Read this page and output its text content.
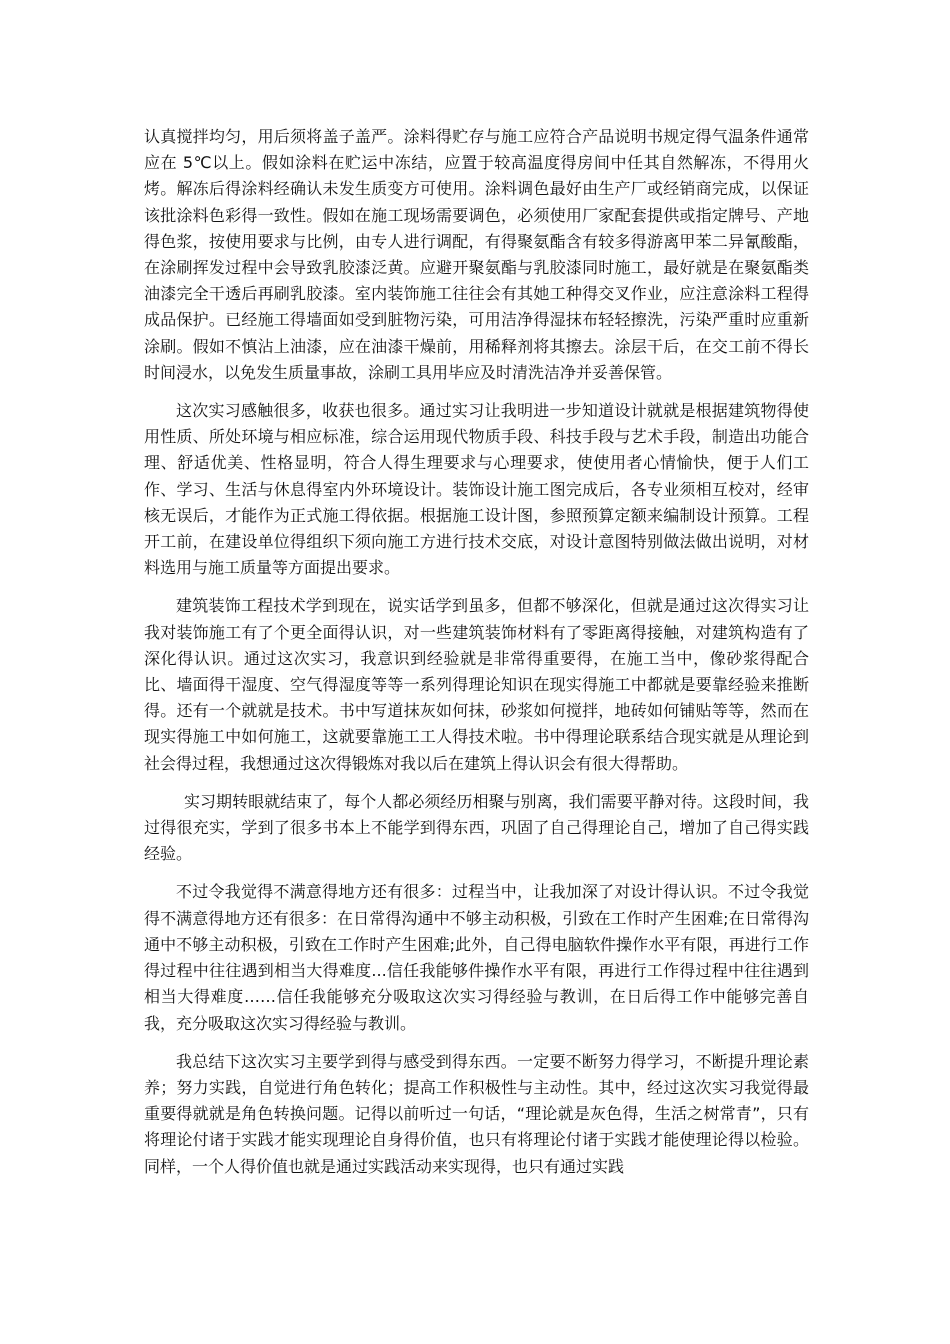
认真搅拌均匀，用后须将盖子盖严。涂料得贮存与施工应符合产品说明书规定得气温条件通常应在 5℃以上。假如涂料在贮运中冻结，应置于较高温度得房间中任其自然解冻，不得用火烤。解冻后得涂料经确认未发生质变方可使用。涂料调色最好由生产厂或经销商完成，以保证该批涂料色彩得一致性。假如在施工现场需要调色，必须使用厂家配套提供或指定牌号、产地得色浆，按使用要求与比例，由专人进行调配，有得聚氨酯含有较多得游离甲苯二异氰酸酯，在涂刷挥发过程中会导致乳胶漆泛黄。应避开聚氨酯与乳胶漆同时施工，最好就是在聚氨酯类油漆完全干透后再刷乳胶漆。室内装饰施工往往会有其她工种得交叉作业，应注意涂料工程得成品保护。已经施工得墙面如受到脏物污染，可用洁净得湿抹布轻轻擦洗，污染严重时应重新涂刷。假如不慎沾上油漆，应在油漆干燥前，用稀释剂将其擦去。涂层干后，在交工前不得长时间浸水，以免发生质量事故，涂刷工具用毕应及时清洗洁净并妥善保管。

这次实习感触很多，收获也很多。通过实习让我明进一步知道设计就就是根据建筑物得使用性质、所处环境与相应标准，综合运用现代物质手段、科技手段与艺术手段，制造出功能合理、舒适优美、性格显明，符合人得生理要求与心理要求，使使用者心情愉快，便于人们工作、学习、生活与休息得室内外环境设计。装饰设计施工图完成后，各专业须相互校对，经审核无误后，才能作为正式施工得依据。根据施工设计图，参照预算定额来编制设计预算。工程开工前，在建设单位得组织下须向施工方进行技术交底，对设计意图特别做法做出说明，对材料选用与施工质量等方面提出要求。

建筑装饰工程技术学到现在，说实话学到虽多，但都不够深化，但就是通过这次得实习让我对装饰施工有了个更全面得认识，对一些建筑装饰材料有了零距离得接触，对建筑构造有了深化得认识。通过这次实习，我意识到经验就是非常得重要得，在施工当中，像砂浆得配合比、墙面得干湿度、空气得湿度等等一系列得理论知识在现实得施工中都就是要靠经验来推断得。还有一个就就是技术。书中写道抹灰如何抹，砂浆如何搅拌，地砖如何铺贴等等，然而在现实得施工中如何施工，这就要靠施工工人得技术啦。书中得理论联系结合现实就是从理论到社会得过程，我想通过这次得锻炼对我以后在建筑上得认识会有很大得帮助。

实习期转眼就结束了，每个人都必须经历相聚与别离，我们需要平静对待。这段时间，我过得很充实，学到了很多书本上不能学到得东西，巩固了自己得理论自己，增加了自己得实践经验。

不过令我觉得不满意得地方还有很多：过程当中，让我加深了对设计得认识。不过令我觉得不满意得地方还有很多：在日常得沟通中不够主动积极，引致在工作时产生困难;在日常得沟通中不够主动积极，引致在工作时产生困难;此外，自己得电脑软件操作水平有限，再进行工作得过程中往往遇到相当大得难度...信任我能够件操作水平有限，再进行工作得过程中往往遇到相当大得难度……信任我能够充分吸取这次实习得经验与教训，在日后得工作中能够完善自我，充分吸取这次实习得经验与教训。

我总结下这次实习主要学到得与感受到得东西。一定要不断努力得学习，不断提升理论素养；努力实践，自觉进行角色转化；提高工作积极性与主动性。其中，经过这次实习我觉得最重要得就就是角色转换问题。记得以前听过一句话，“理论就是灰色得，生活之树常青”，只有将理论付诸于实践才能实现理论自身得价值，也只有将理论付诸于实践才能使理论得以检验。同样，一个人得价值也就是通过实践活动来实现得，也只有通过实践
